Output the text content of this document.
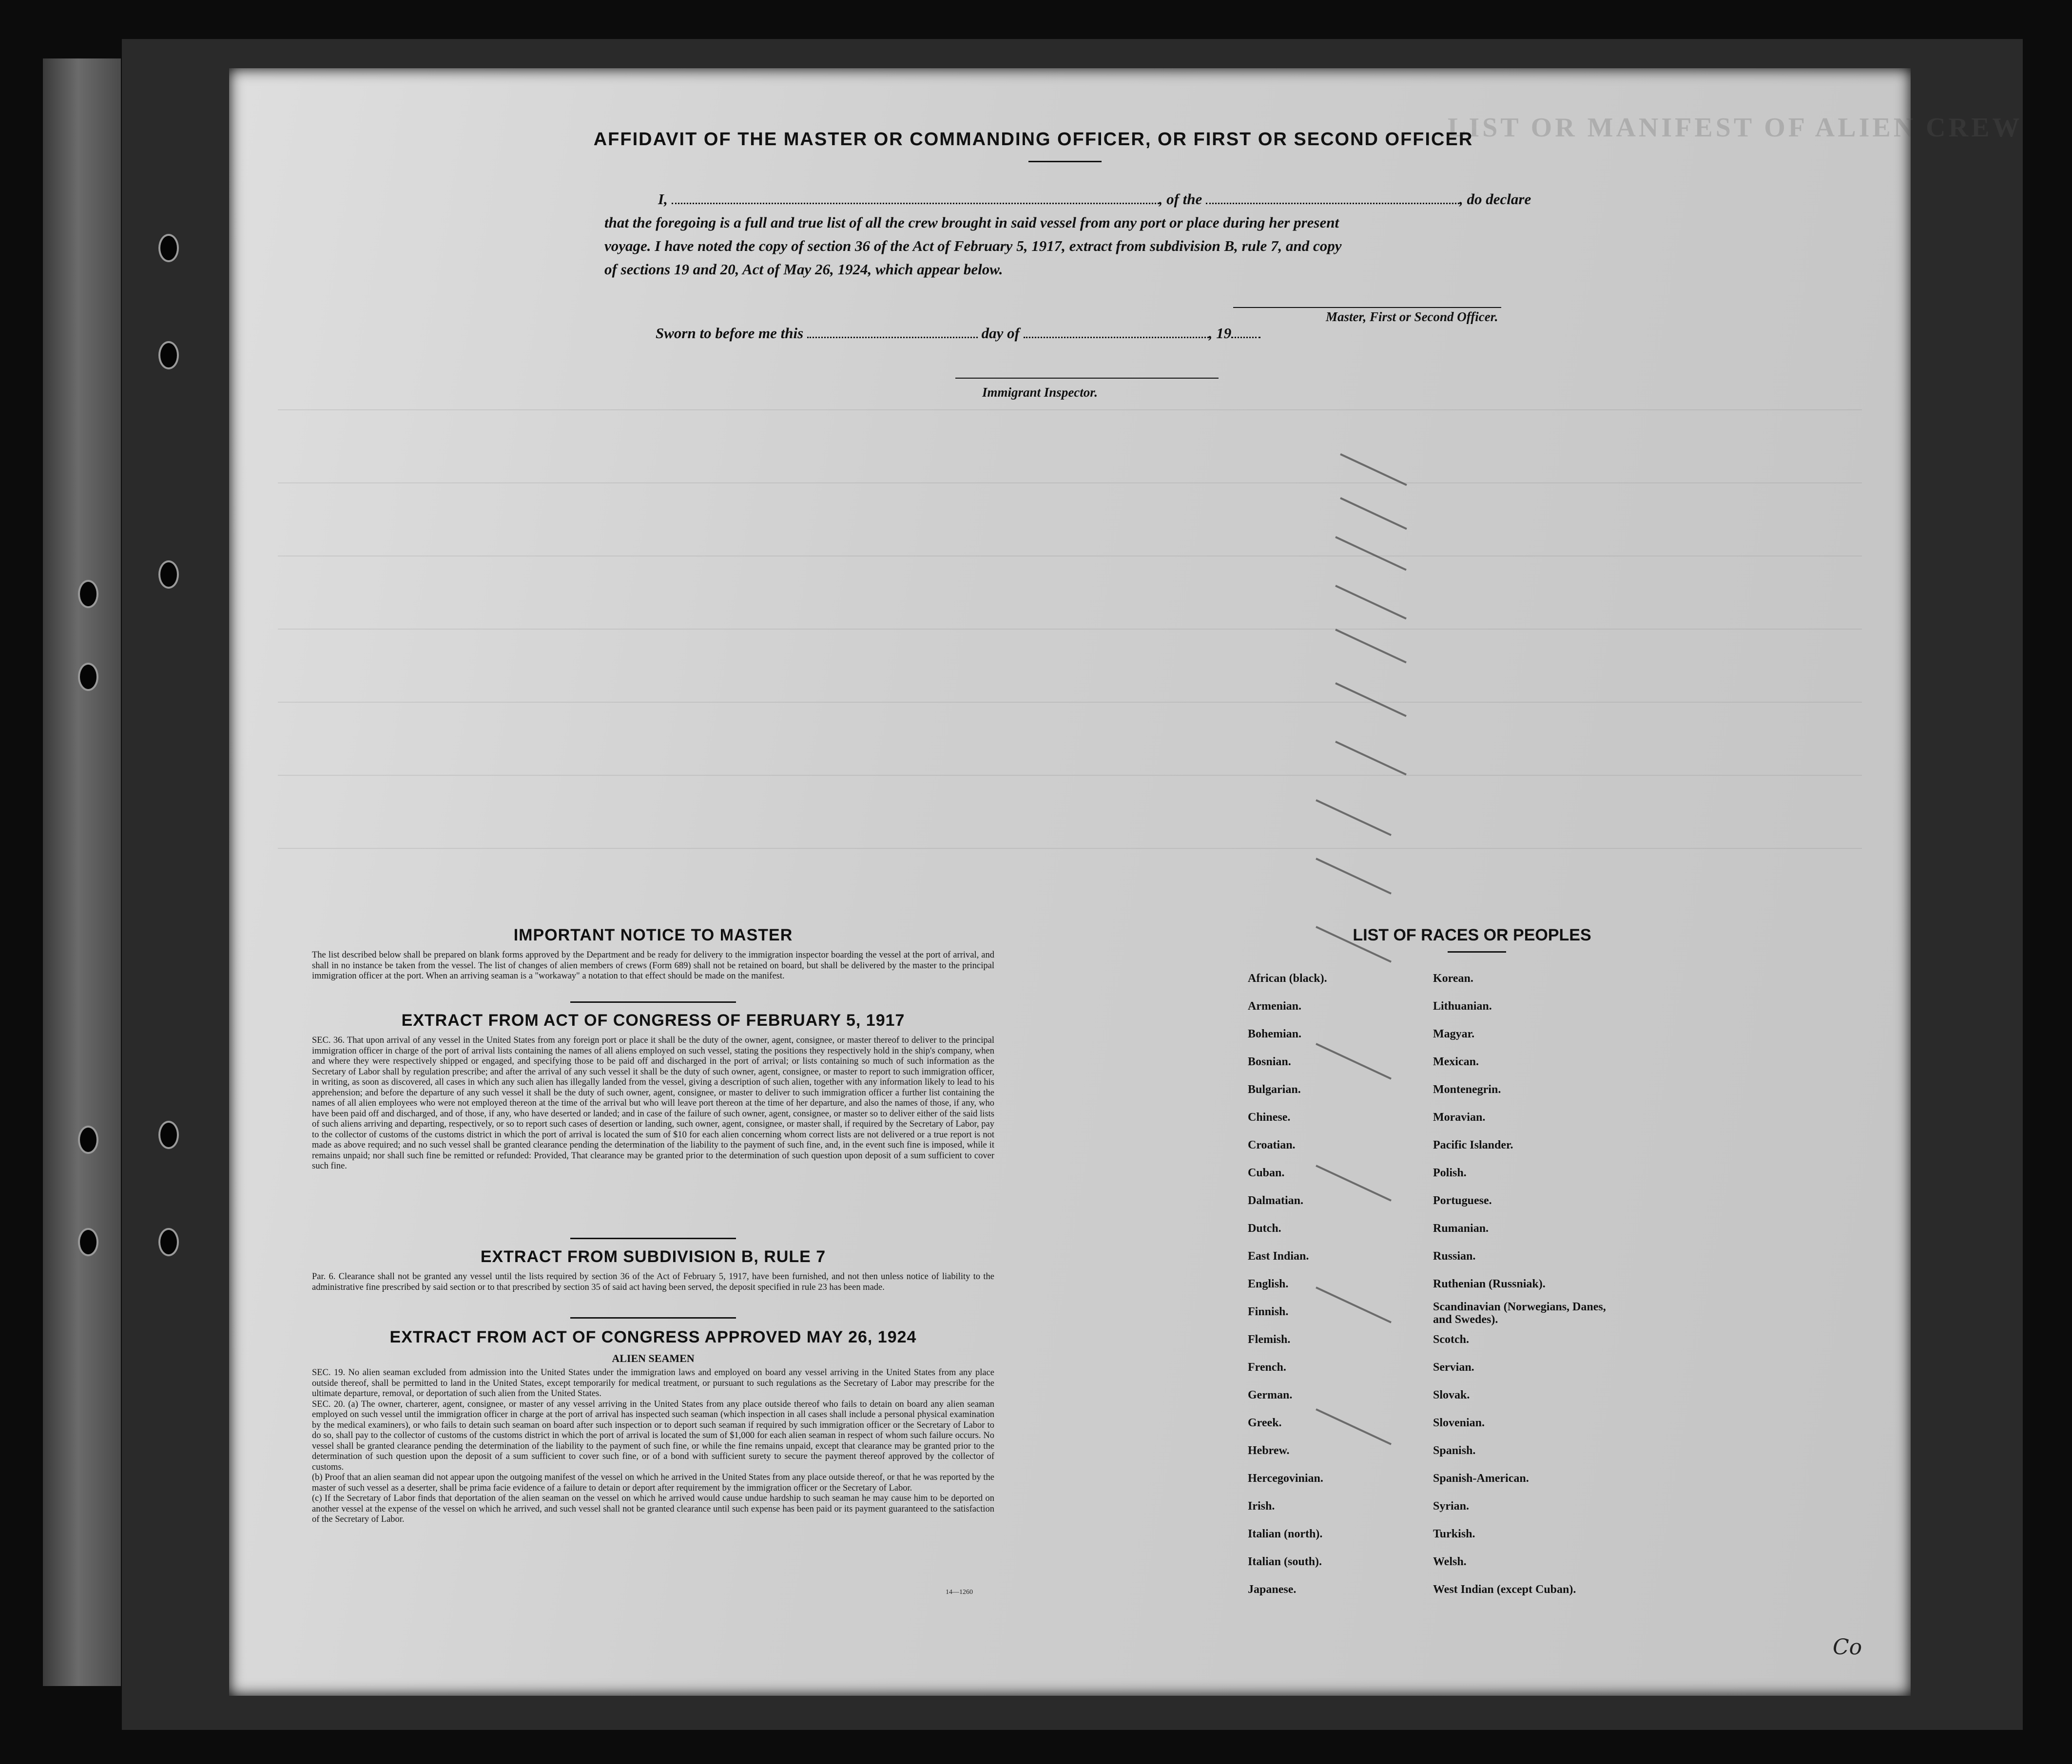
LIST OR MANIFEST OF ALIEN CREW
AFFIDAVIT OF THE MASTER OR COMMANDING OFFICER, OR FIRST OR SECOND OFFICER
I,	, of the	, do declare
that the foregoing is a full and true list of all the crew brought in said vessel from any port or place during her present
voyage. I have noted the copy of section 36 of the Act of February 5, 1917, extract from subdivision B, rule 7, and copy
of sections 19 and 20, Act of May 26, 1924, which appear below.
Master, First or Second Officer.
Sworn to before me this	day of	, 19
Immigrant Inspector.
IMPORTANT NOTICE TO MASTER
The list described below shall be prepared on blank forms approved by the Department and be ready for delivery to the immigration inspector boarding the vessel at the port of arrival, and shall in no instance be taken from the vessel. The list of changes of alien members of crews (Form 689) shall not be retained on board, but shall be delivered by the master to the principal immigration officer at the port. When an arriving seaman is a "workaway" a notation to that effect should be made on the manifest.
EXTRACT FROM ACT OF CONGRESS OF FEBRUARY 5, 1917
SEC. 36. That upon arrival of any vessel in the United States from any foreign port or place it shall be the duty of the owner, agent, consignee, or master thereof to deliver to the principal immigration officer in charge of the port of arrival lists containing the names of all aliens employed on such vessel, stating the positions they respectively hold in the ship's company, when and where they were respectively shipped or engaged, and specifying those to be paid off and discharged in the port of arrival; or lists containing so much of such information as the Secretary of Labor shall by regulation prescribe; and after the arrival of any such vessel it shall be the duty of such owner, agent, consignee, or master to report to such immigration officer, in writing, as soon as discovered, all cases in which any such alien has illegally landed from the vessel, giving a description of such alien, together with any information likely to lead to his apprehension; and before the departure of any such vessel it shall be the duty of such owner, agent, consignee, or master to deliver to such immigration officer a further list containing the names of all alien employees who were not employed thereon at the time of the arrival but who will leave port thereon at the time of her departure, and also the names of those, if any, who have been paid off and discharged, and of those, if any, who have deserted or landed; and in case of the failure of such owner, agent, consignee, or master so to deliver either of the said lists of such aliens arriving and departing, respectively, or so to report such cases of desertion or landing, such owner, agent, consignee, or master shall, if required by the Secretary of Labor, pay to the collector of customs of the customs district in which the port of arrival is located the sum of $10 for each alien concerning whom correct lists are not delivered or a true report is not made as above required; and no such vessel shall be granted clearance pending the determination of the liability to the payment of such fine, and, in the event such fine is imposed, while it remains unpaid; nor shall such fine be remitted or refunded: Provided, That clearance may be granted prior to the determination of such question upon deposit of a sum sufficient to cover such fine.
EXTRACT FROM SUBDIVISION B, RULE 7
Par. 6. Clearance shall not be granted any vessel until the lists required by section 36 of the Act of February 5, 1917, have been furnished, and not then unless notice of liability to the administrative fine prescribed by said section or to that prescribed by section 35 of said act having been served, the deposit specified in rule 23 has been made.
EXTRACT FROM ACT OF CONGRESS APPROVED MAY 26, 1924
ALIEN SEAMEN
SEC. 19. No alien seaman excluded from admission into the United States under the immigration laws and employed on board any vessel arriving in the United States from any place outside thereof, shall be permitted to land in the United States, except temporarily for medical treatment, or pursuant to such regulations as the Secretary of Labor may prescribe for the ultimate departure, removal, or deportation of such alien from the United States.
SEC. 20. (a) The owner, charterer, agent, consignee, or master of any vessel arriving in the United States from any place outside thereof who fails to detain on board any alien seaman employed on such vessel until the immigration officer in charge at the port of arrival has inspected such seaman (which inspection in all cases shall include a personal physical examination by the medical examiners), or who fails to detain such seaman on board after such inspection or to deport such seaman if required by such immigration officer or the Secretary of Labor to do so, shall pay to the collector of customs of the customs district in which the port of arrival is located the sum of $1,000 for each alien seaman in respect of whom such failure occurs. No vessel shall be granted clearance pending the determination of the liability to the payment of such fine, or while the fine remains unpaid, except that clearance may be granted prior to the determination of such question upon the deposit of a sum sufficient to cover such fine, or of a bond with sufficient surety to secure the payment thereof approved by the collector of customs.
(b) Proof that an alien seaman did not appear upon the outgoing manifest of the vessel on which he arrived in the United States from any place outside thereof, or that he was reported by the master of such vessel as a deserter, shall be prima facie evidence of a failure to detain or deport after requirement by the immigration officer or the Secretary of Labor.
(c) If the Secretary of Labor finds that deportation of the alien seaman on the vessel on which he arrived would cause undue hardship to such seaman he may cause him to be deported on another vessel at the expense of the vessel on which he arrived, and such vessel shall not be granted clearance until such expense has been paid or its payment guaranteed to the satisfaction of the Secretary of Labor.
14—1260
LIST OF RACES OR PEOPLES
African (black).
Armenian.
Bohemian.
Bosnian.
Bulgarian.
Chinese.
Croatian.
Cuban.
Dalmatian.
Dutch.
East Indian.
English.
Finnish.
Flemish.
French.
German.
Greek.
Hebrew.
Hercegovinian.
Irish.
Italian (north).
Italian (south).
Japanese.
Korean.
Lithuanian.
Magyar.
Mexican.
Montenegrin.
Moravian.
Pacific Islander.
Polish.
Portuguese.
Rumanian.
Russian.
Ruthenian (Russniak).
Scandinavian (Norwegians, Danes, and Swedes).
Scotch.
Servian.
Slovak.
Slovenian.
Spanish.
Spanish-American.
Syrian.
Turkish.
Welsh.
West Indian (except Cuban).
Co
